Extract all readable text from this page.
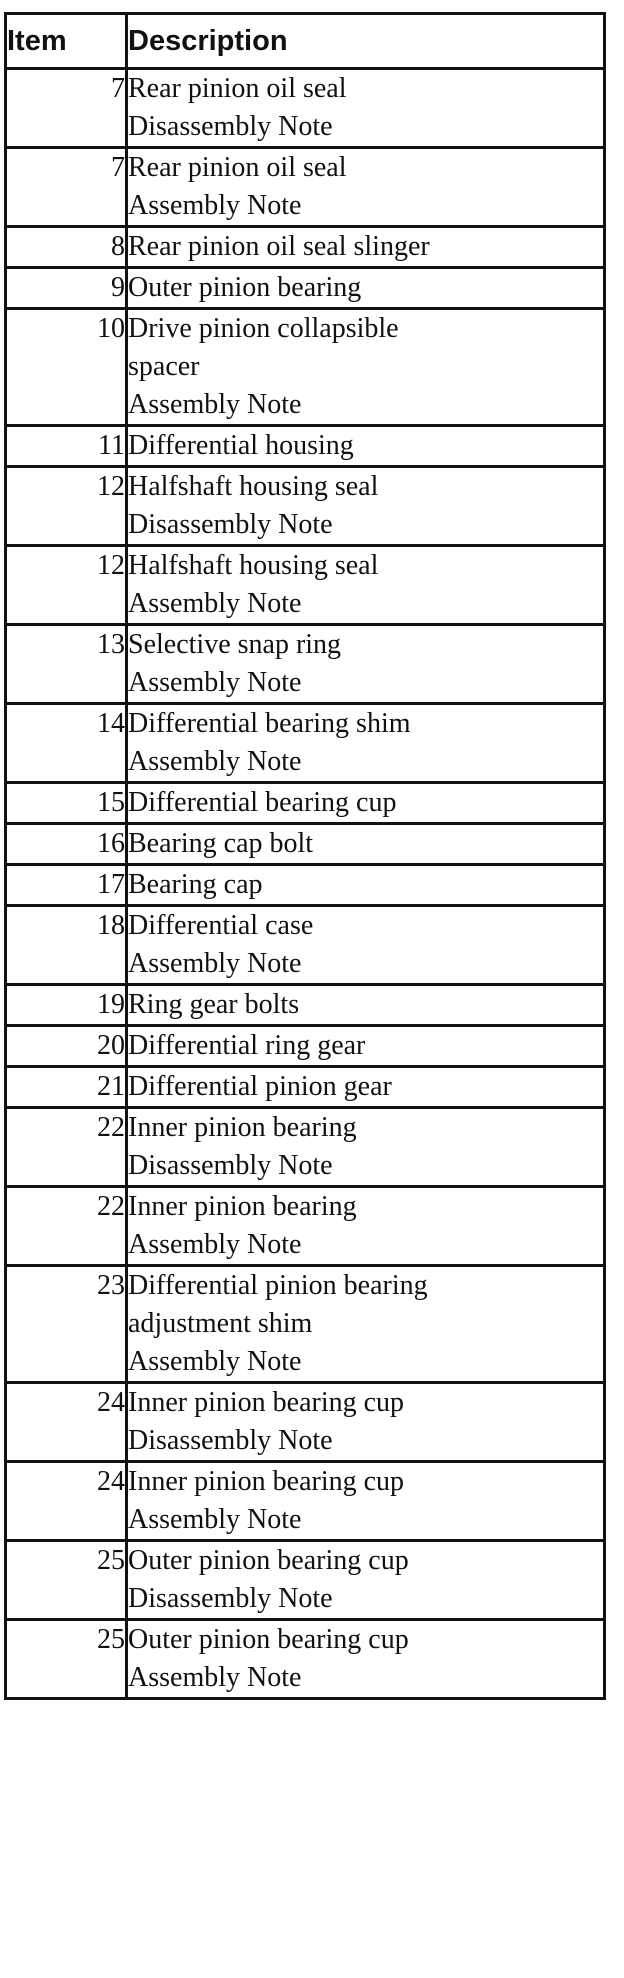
Item	Description
7	Rear pinion oil seal
Disassembly Note

7	Rear pinion oil seal
Assembly Note

8	Rear pinion oil seal slinger

9	Outer pinion bearing

10	Drive pinion collapsible
spacer
Assembly Note

11	Differential housing

12	Halfshaft housing seal
Disassembly Note

12	Halfshaft housing seal
Assembly Note

13	Selective snap ring
Assembly Note

14	Differential bearing shim
Assembly Note

15	Differential bearing cup

16	Bearing cap bolt

17	Bearing cap

18	Differential case
Assembly Note

19	Ring gear bolts

20	Differential ring gear

21	Differential pinion gear

22	Inner pinion bearing
Disassembly Note

22	Inner pinion bearing
Assembly Note

23	Differential pinion bearing
adjustment shim
Assembly Note

24	Inner pinion bearing cup
Disassembly Note

24	Inner pinion bearing cup
Assembly Note

25	Outer pinion bearing cup
Disassembly Note

25	Outer pinion bearing cup
Assembly Note
